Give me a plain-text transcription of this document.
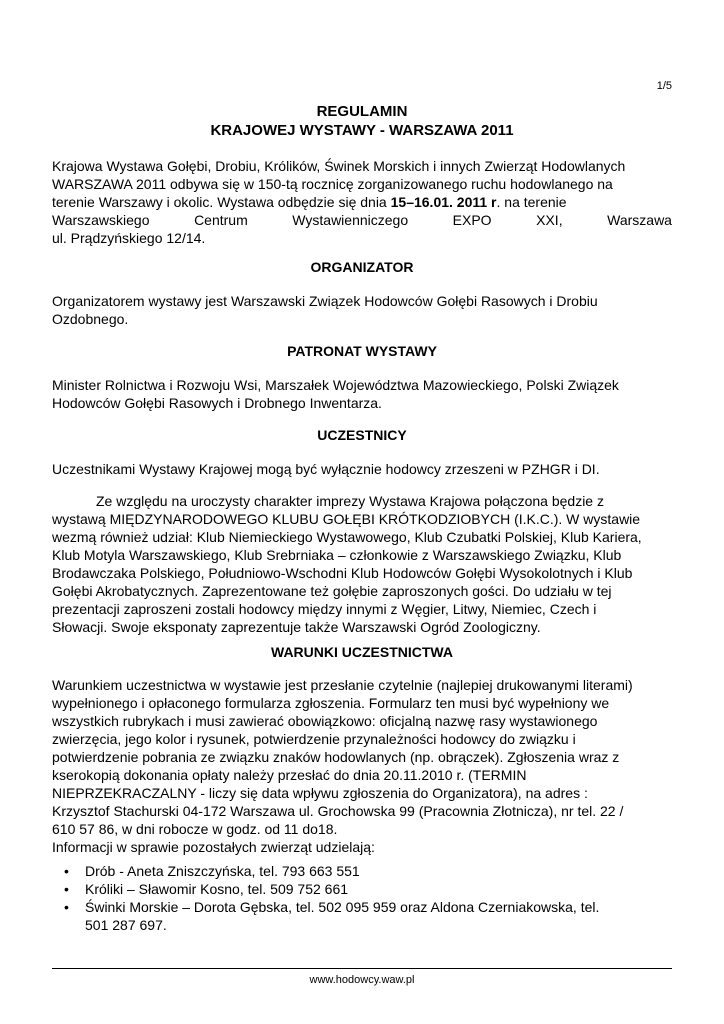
1/5
REGULAMIN
KRAJOWEJ WYSTAWY - WARSZAWA 2011
Krajowa Wystawa Gołębi, Drobiu, Królików, Świnek Morskich i innych Zwierząt Hodowlanych
WARSZAWA 2011 odbywa się w 150-tą rocznicę zorganizowanego ruchu hodowlanego na
terenie Warszawy i okolic. Wystawa odbędzie się dnia 15–16.01. 2011 r. na terenie
Warszawskiego	Centrum	Wystawienniczego	EXPO	XXI,	Warszawa
ul. Prądzyńskiego 12/14.
ORGANIZATOR
Organizatorem wystawy jest Warszawski Związek Hodowców Gołębi Rasowych i Drobiu
Ozdobnego.
PATRONAT WYSTAWY
Minister Rolnictwa i Rozwoju Wsi, Marszałek Województwa Mazowieckiego, Polski Związek
Hodowców Gołębi Rasowych i Drobnego Inwentarza.
UCZESTNICY
Uczestnikami Wystawy Krajowej mogą być wyłącznie hodowcy zrzeszeni w PZHGR i DI.
Ze względu na uroczysty charakter imprezy Wystawa Krajowa połączona będzie z
wystawą MIĘDZYNARODOWEGO KLUBU GOŁĘBI KRÓTKODZIOBYCH (I.K.C.). W wystawie
wezmą również udział: Klub Niemieckiego Wystawowego, Klub Czubatki Polskiej, Klub Kariera,
Klub Motyla Warszawskiego, Klub Srebrniaka – członkowie z Warszawskiego Związku, Klub
Brodawczaka Polskiego, Południowo-Wschodni Klub Hodowców Gołębi Wysokolotnych i Klub
Gołębi Akrobatycznych. Zaprezentowane też gołębie zaproszonych gości. Do udziału w tej
prezentacji zaproszeni zostali hodowcy między innymi z Węgier, Litwy, Niemiec, Czech i
Słowacji. Swoje eksponaty zaprezentuje także Warszawski Ogród Zoologiczny.
WARUNKI UCZESTNICTWA
Warunkiem uczestnictwa w wystawie jest przesłanie czytelnie (najlepiej drukowanymi literami)
wypełnionego i opłaconego formularza zgłoszenia. Formularz ten musi być wypełniony we
wszystkich rubrykach i musi zawierać obowiązkowo: oficjalną nazwę rasy wystawionego
zwierzęcia, jego kolor i rysunek, potwierdzenie przynależności hodowcy do związku i
potwierdzenie pobrania ze związku znaków hodowlanych (np. obrączek). Zgłoszenia wraz z
kserokopią dokonania opłaty należy przesłać do dnia 20.11.2010 r. (TERMIN
NIEPRZEKRACZALNY - liczy się data wpływu zgłoszenia do Organizatora), na adres :
Krzysztof Stachurski 04-172 Warszawa ul. Grochowska 99 (Pracownia Złotnicza), nr tel. 22 /
610 57 86, w dni robocze w godz. od 11 do18.
Informacji w sprawie pozostałych zwierząt udzielają:
• Drób - Aneta Zniszczyńska, tel. 793 663 551
• Króliki – Sławomir Kosno, tel. 509 752 661
• Świnki Morskie – Dorota Gębska, tel. 502 095 959 oraz Aldona Czerniakowska, tel.
501 287 697.
www.hodowcy.waw.pl
